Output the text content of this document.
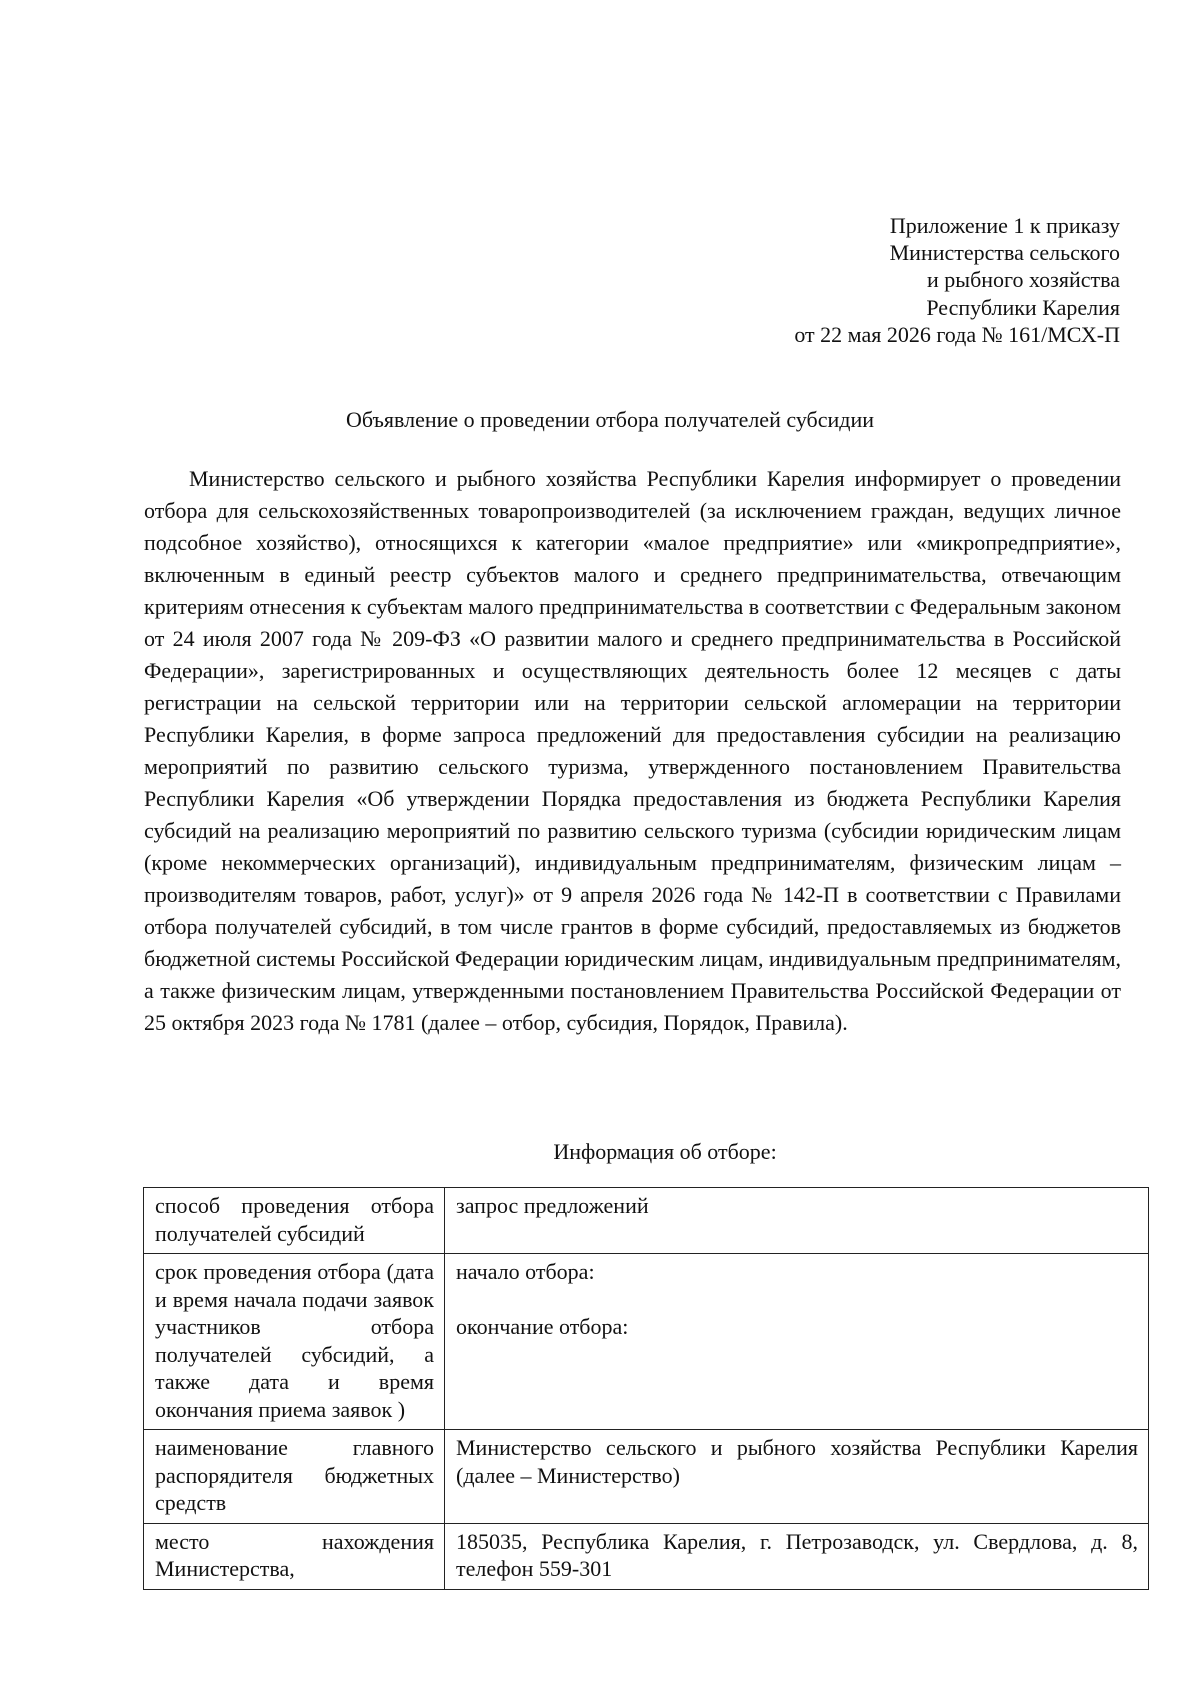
Приложение 1 к приказу
Министерства сельского
и рыбного хозяйства
Республики Карелия
от 22 мая 2026 года № 161/МСХ-П
Объявление о проведении отбора получателей субсидии

Министерство сельского и рыбного хозяйства Республики Карелия информирует о проведении отбора для сельскохозяйственных товаропроизводителей (за исключением граждан, ведущих личное подсобное хозяйство), относящихся к категории «малое предприятие» или «микропредприятие», включенным в единый реестр субъектов малого и среднего предпринимательства, отвечающим критериям отнесения к субъектам малого предпринимательства в соответствии с Федеральным законом от 24 июля 2007 года № 209-ФЗ «О развитии малого и среднего предпринимательства в Российской Федерации», зарегистрированных и осуществляющих деятельность более 12 месяцев с даты регистрации на сельской территории или на территории сельской агломерации на территории Республики Карелия, в форме запроса предложений для предоставления субсидии на реализацию мероприятий по развитию сельского туризма, утвержденного постановлением Правительства Республики Карелия «Об утверждении Порядка предоставления из бюджета Республики Карелия субсидий на реализацию мероприятий по развитию сельского туризма (субсидии юридическим лицам (кроме некоммерческих организаций), индивидуальным предпринимателям, физическим лицам – производителям товаров, работ, услуг)» от 9 апреля 2026 года № 142-П в соответствии с Правилами отбора получателей субсидий, в том числе грантов в форме субсидий, предоставляемых из бюджетов бюджетной системы Российской Федерации юридическим лицам, индивидуальным предпринимателям, а также физическим лицам, утвержденными постановлением Правительства Российской Федерации от 25 октября 2023 года № 1781 (далее – отбор, субсидия, Порядок, Правила).

Информация об отборе:
способ проведения отбора получателей субсидий	запрос предложений
срок проведения отбора (дата и время начала подачи заявок участников отбора получателей субсидий, а также дата и время окончания приема заявок )	начало отбора:
окончание отбора:

наименование главного распорядителя бюджетных средств	Министерство сельского и рыбного хозяйства Республики Карелия (далее – Министерство)
место нахождения Министерства,	185035, Республика Карелия, г. Петрозаводск, ул. Свердлова, д. 8, телефон 559-301
